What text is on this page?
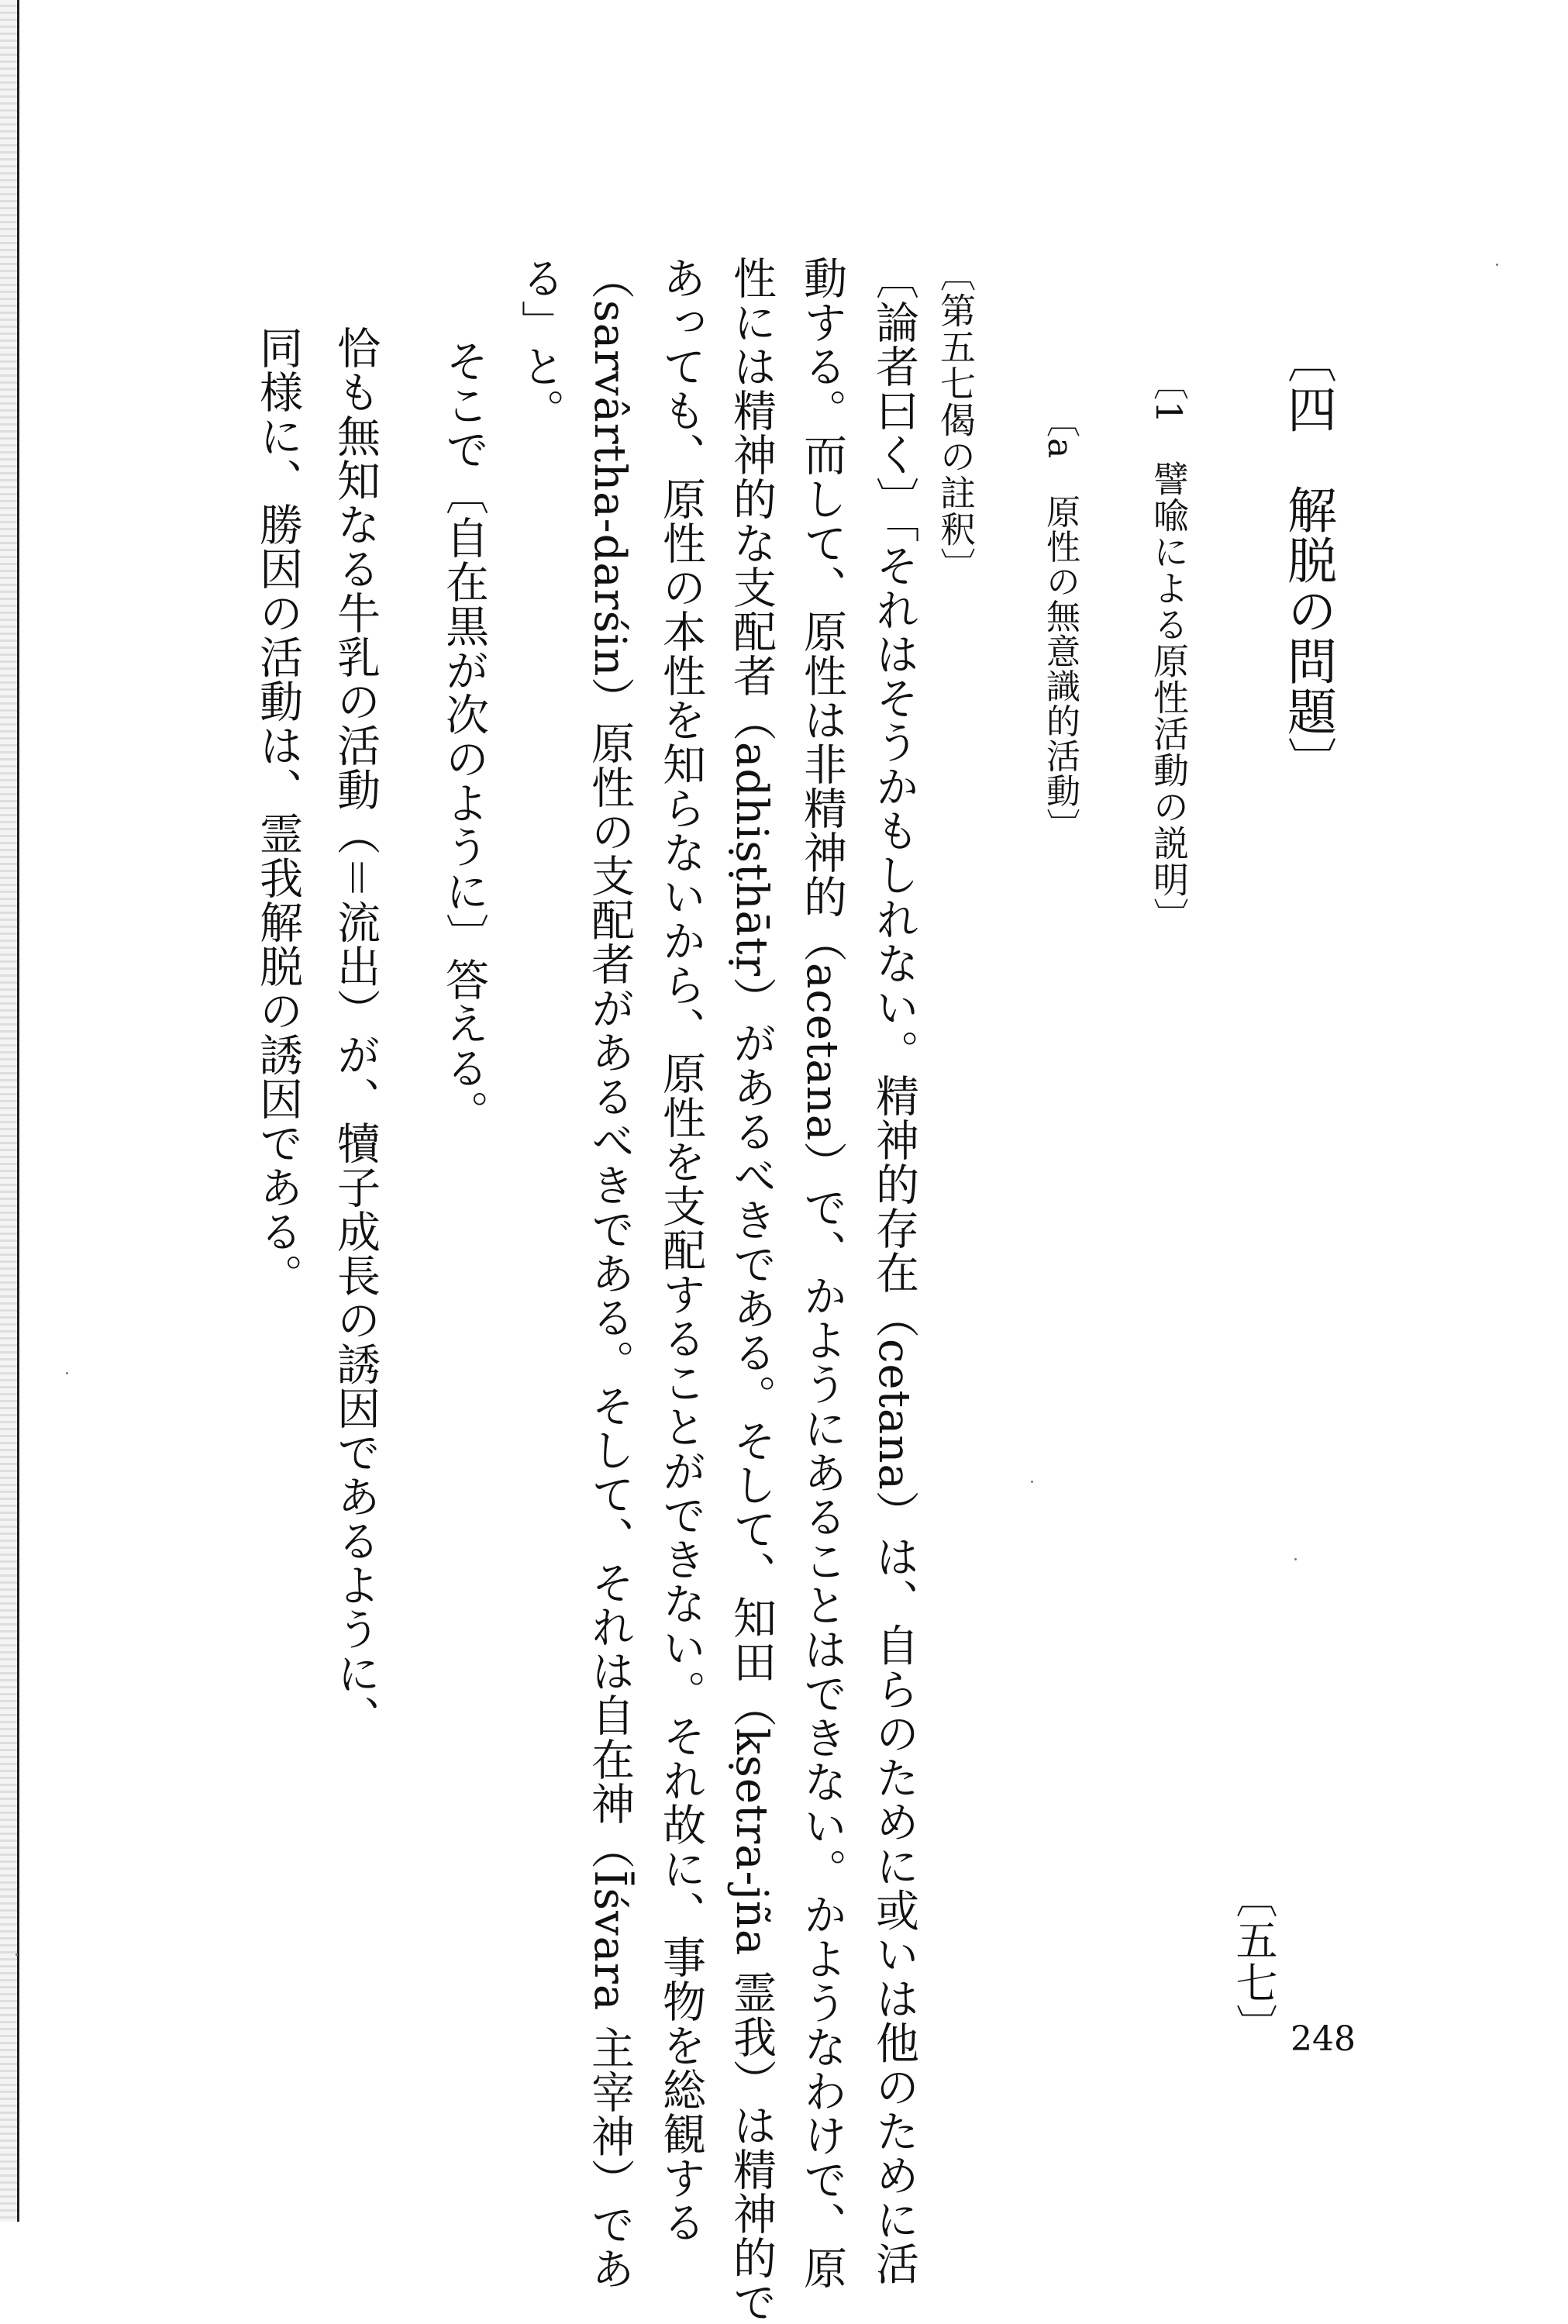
〔四　解脱の問題〕
〔1　譬喩による原性活動の説明〕
〔a　原性の無意識的活動〕
〔第五七偈の註釈〕
〔論者曰く〕「それはそうかもしれない。精神的存在（cetana）は、自らのために或いは他のために活
動する。而して、原性は非精神的（acetana）で、かようにあることはできない。かようなわけで、原
性には精神的な支配者（adhiṣṭhātṛ）があるべきである。そして、知田（kṣetra-jña 霊我）は精神的で
あっても、原性の本性を知らないから、原性を支配することができない。それ故に、事物を総観する
（sarvârtha-darśin）原性の支配者があるべきである。そして、それは自在神（Īśvara 主宰神）であ
る」と。
　そこで〔自在黒が次のように〕答える。
恰も無知なる牛乳の活動（＝流出）が、犢子成長の誘因であるように、
同様に、勝因の活動は、霊我解脱の誘因である。
〔五七〕 248
